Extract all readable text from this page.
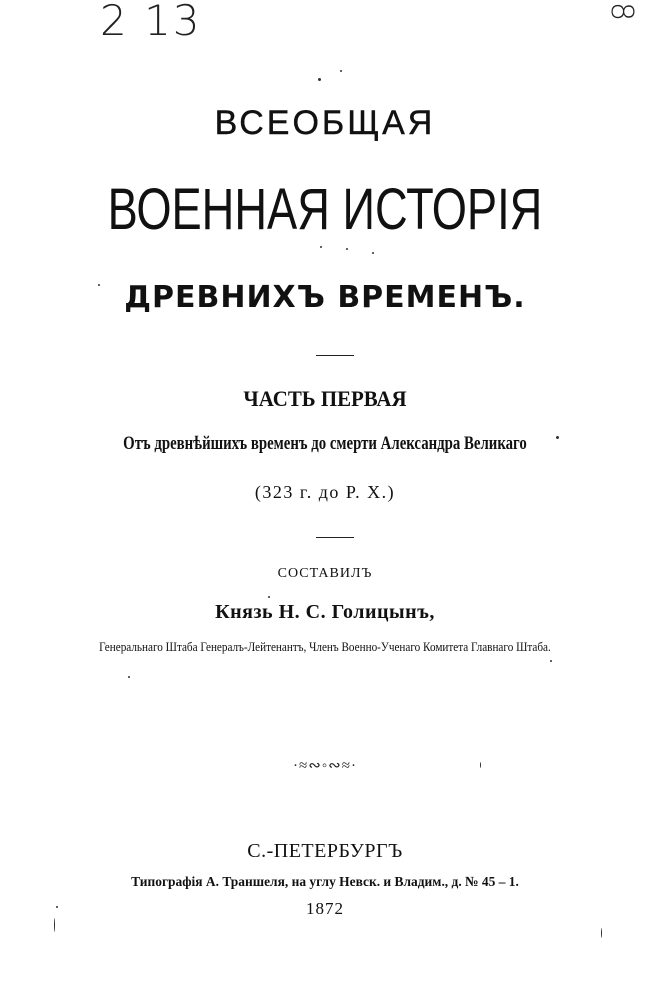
2 13	8
ВСЕОБЩАЯ
ВОЕННАЯ ИСТОРІЯ
ДРЕВНИХЪ ВРЕМЕНЪ.
ЧАСТЬ ПЕРВАЯ
Отъ древнѣйшихъ временъ до смерти Александра Великаго
(323 г. до Р. Х.)
СОСТАВИЛЪ
Князь Н. С. Голицынъ,
Генеральнаго Штаба Генералъ-Лейтенантъ, Членъ Военно-Ученаго Комитета Главнаго Штаба.
·≈∾◦∾≈·
С.-ПЕТЕРБУРГЪ
Типографія А. Траншеля, на углу Невск. и Владим., д. № 45 – 1.
1872
